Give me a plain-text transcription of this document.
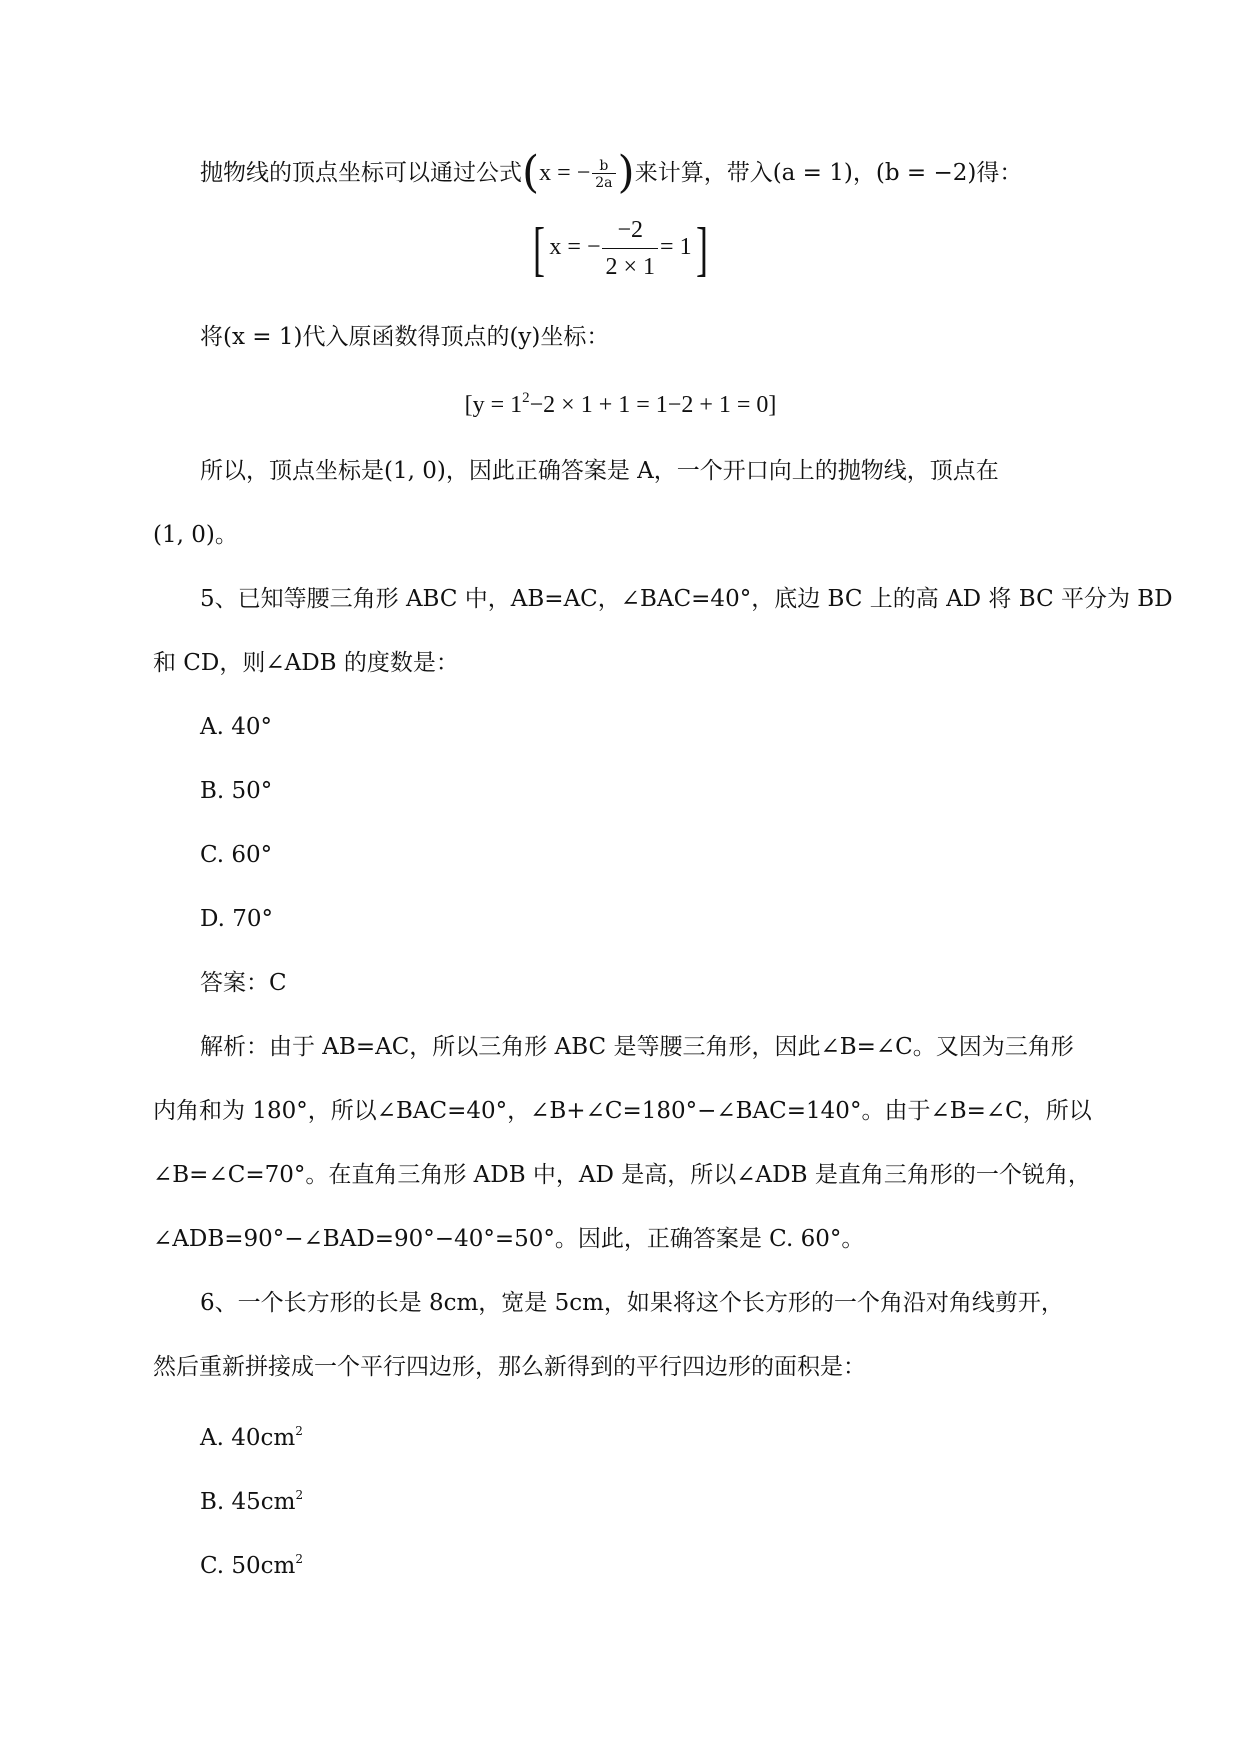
抛物线的顶点坐标可以通过公式(x = − $\frac{b}{2a}$ )来计算，带入(a = 1)，(b = −2)得：
[ x = − $\frac{-2}{2 \times 1} = 1$]
将(x = 1)代入原函数得顶点的(y)坐标：
$[y = 1^2-2 \times 1 + 1 = 1-2 + 1 = 0]$
所以，顶点坐标是(1, 0)，因此正确答案是 A，一个开口向上的抛物线，顶点在
(1, 0)。
5、已知等腰三角形 ABC 中，AB=AC，∠BAC=40°，底边 BC 上的高 AD 将 BC 平分为 BD
和 CD，则∠ADB 的度数是：
A. 40°
B. 50°
C. 60°
D. 70°
答案：C
解析：由于 AB=AC，所以三角形 ABC 是等腰三角形，因此∠B=∠C。又因为三角形
内角和为 180°，所以∠BAC=40°，∠B+∠C=180°−∠BAC=140°。由于∠B=∠C，所以
∠B=∠C=70°。在直角三角形 ADB 中，AD 是高，所以∠ADB 是直角三角形的一个锐角，
∠ADB=90°−∠BAD=90°−40°=50°。因此，正确答案是 C. 60°。
6、一个长方形的长是 8cm，宽是 5cm，如果将这个长方形的一个角沿对角线剪开，
然后重新拼接成一个平行四边形，那么新得到的平行四边形的面积是：
A. $40cm^2$
B. $45cm^2$
C. $50cm^2$
